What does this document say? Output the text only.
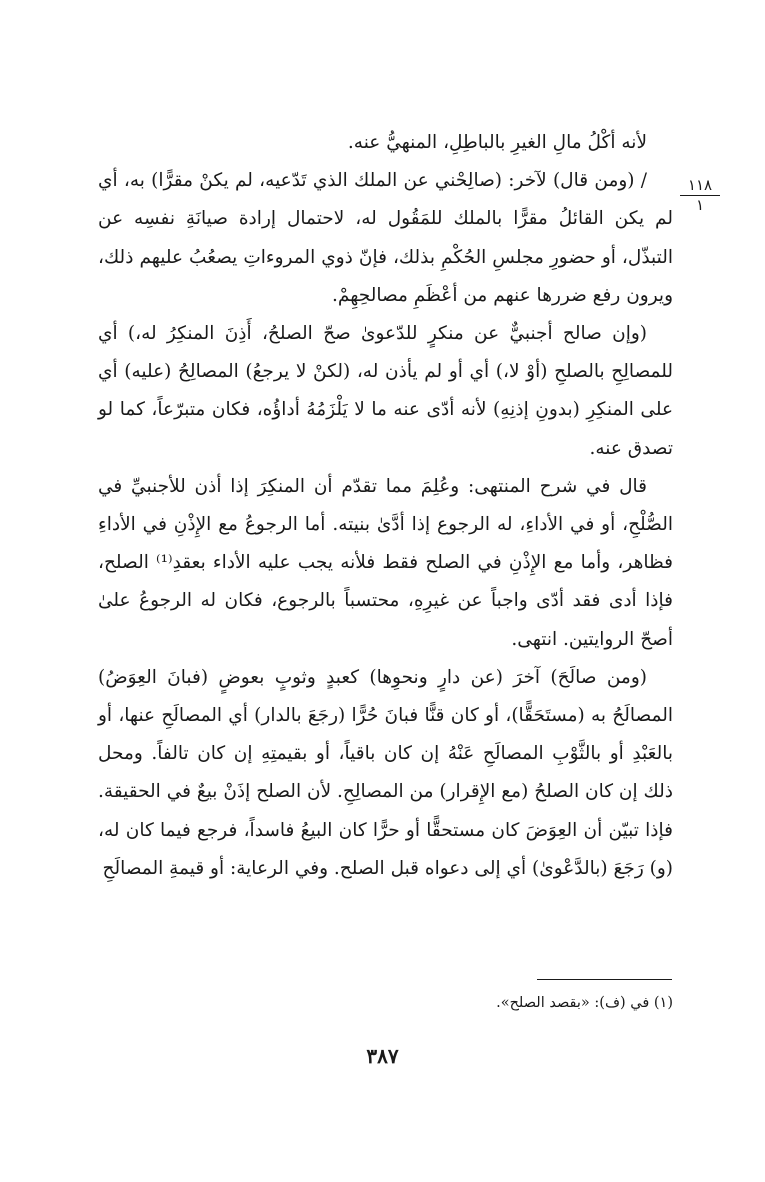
١١٨
١

لأنه أكْلُ مالِ الغيرِ بالباطِلِ، المنهيُّ عنه.

/ (ومن قال) لآخر: (صالِحْني عن الملك الذي تَدّعيه، لم يكنْ مقرًّا) به، أي لم يكن القائلُ مقرًّا بالملك للمَقُول له، لاحتمال إرادة صيانَةِ نفسِه عن التبذّل، أو حضورِ مجلسِ الحُكْمِ بذلك، فإنّ ذوي المروءاتِ يصعُبُ عليهم ذلك، ويرون رفع ضررها عنهم من أعْظَمِ مصالحِهِمْ.

(وإن صالح أجنبيٌّ عن منكرٍ للدّعوىٰ صحّ الصلحُ، أَذِنَ المنكِرُ له،) أي للمصالِحِ بالصلحِ (أوْ لا،) أي أو لم يأذن له، (لكنْ لا يرجعُ) المصالِحُ (عليه) أي على المنكِرِ (بدونِ إذنِهِ) لأنه أدّى عنه ما لا يَلْزَمُهُ أداؤُه، فكان متبرّعاً، كما لو تصدق عنه.

قال في شرح المنتهى: وعُلِمَ مما تقدّم أن المنكِرَ إذا أذن للأجنبيِّ في الصُّلْحِ، أو في الأداءِ، له الرجوع إذا أدَّىٰ بنيته. أما الرجوعُ مع الإِذْنِ في الأداءِ فظاهر، وأما مع الإِذْنِ في الصلح فقط فلأنه يجب عليه الأداء بعقدِ⁽¹⁾ الصلح، فإذا أدى فقد أدّى واجباً عن غيرِهِ، محتسباً بالرجوع، فكان له الرجوعُ علىٰ أصحّ الروايتين. انتهى.

(ومن صالَحَ) آخرَ (عن دارٍ ونحوِها) كعبدٍ وثوبٍ بعوضٍ (فبانَ العِوَضُ) المصالَحُ به (مستَحَقًّا)، أو كان قنًّا فبانَ حُرًّا (رجَعَ بالدار) أي المصالَحِ عنها، أو بالعَبْدِ أو بالثَّوْبِ المصالَحِ عَنْهُ إن كان باقياً، أو بقيمتِهِ إن كان تالفاً. ومحل ذلك إن كان الصلحُ (مع الإِقرار) من المصالِحِ. لأن الصلح إذَنْ بيعٌ في الحقيقة. فإذا تبيّن أن العِوَضَ كان مستحقًّا أو حرًّا كان البيعُ فاسداً، فرجع فيما كان له، (و) رَجَعَ (بالدَّعْوىٰ) أي إلى دعواه قبل الصلح. وفي الرعاية: أو قيمةِ المصالَحِ

(١) في (ف): «بقصد الصلح».
٣٨٧
